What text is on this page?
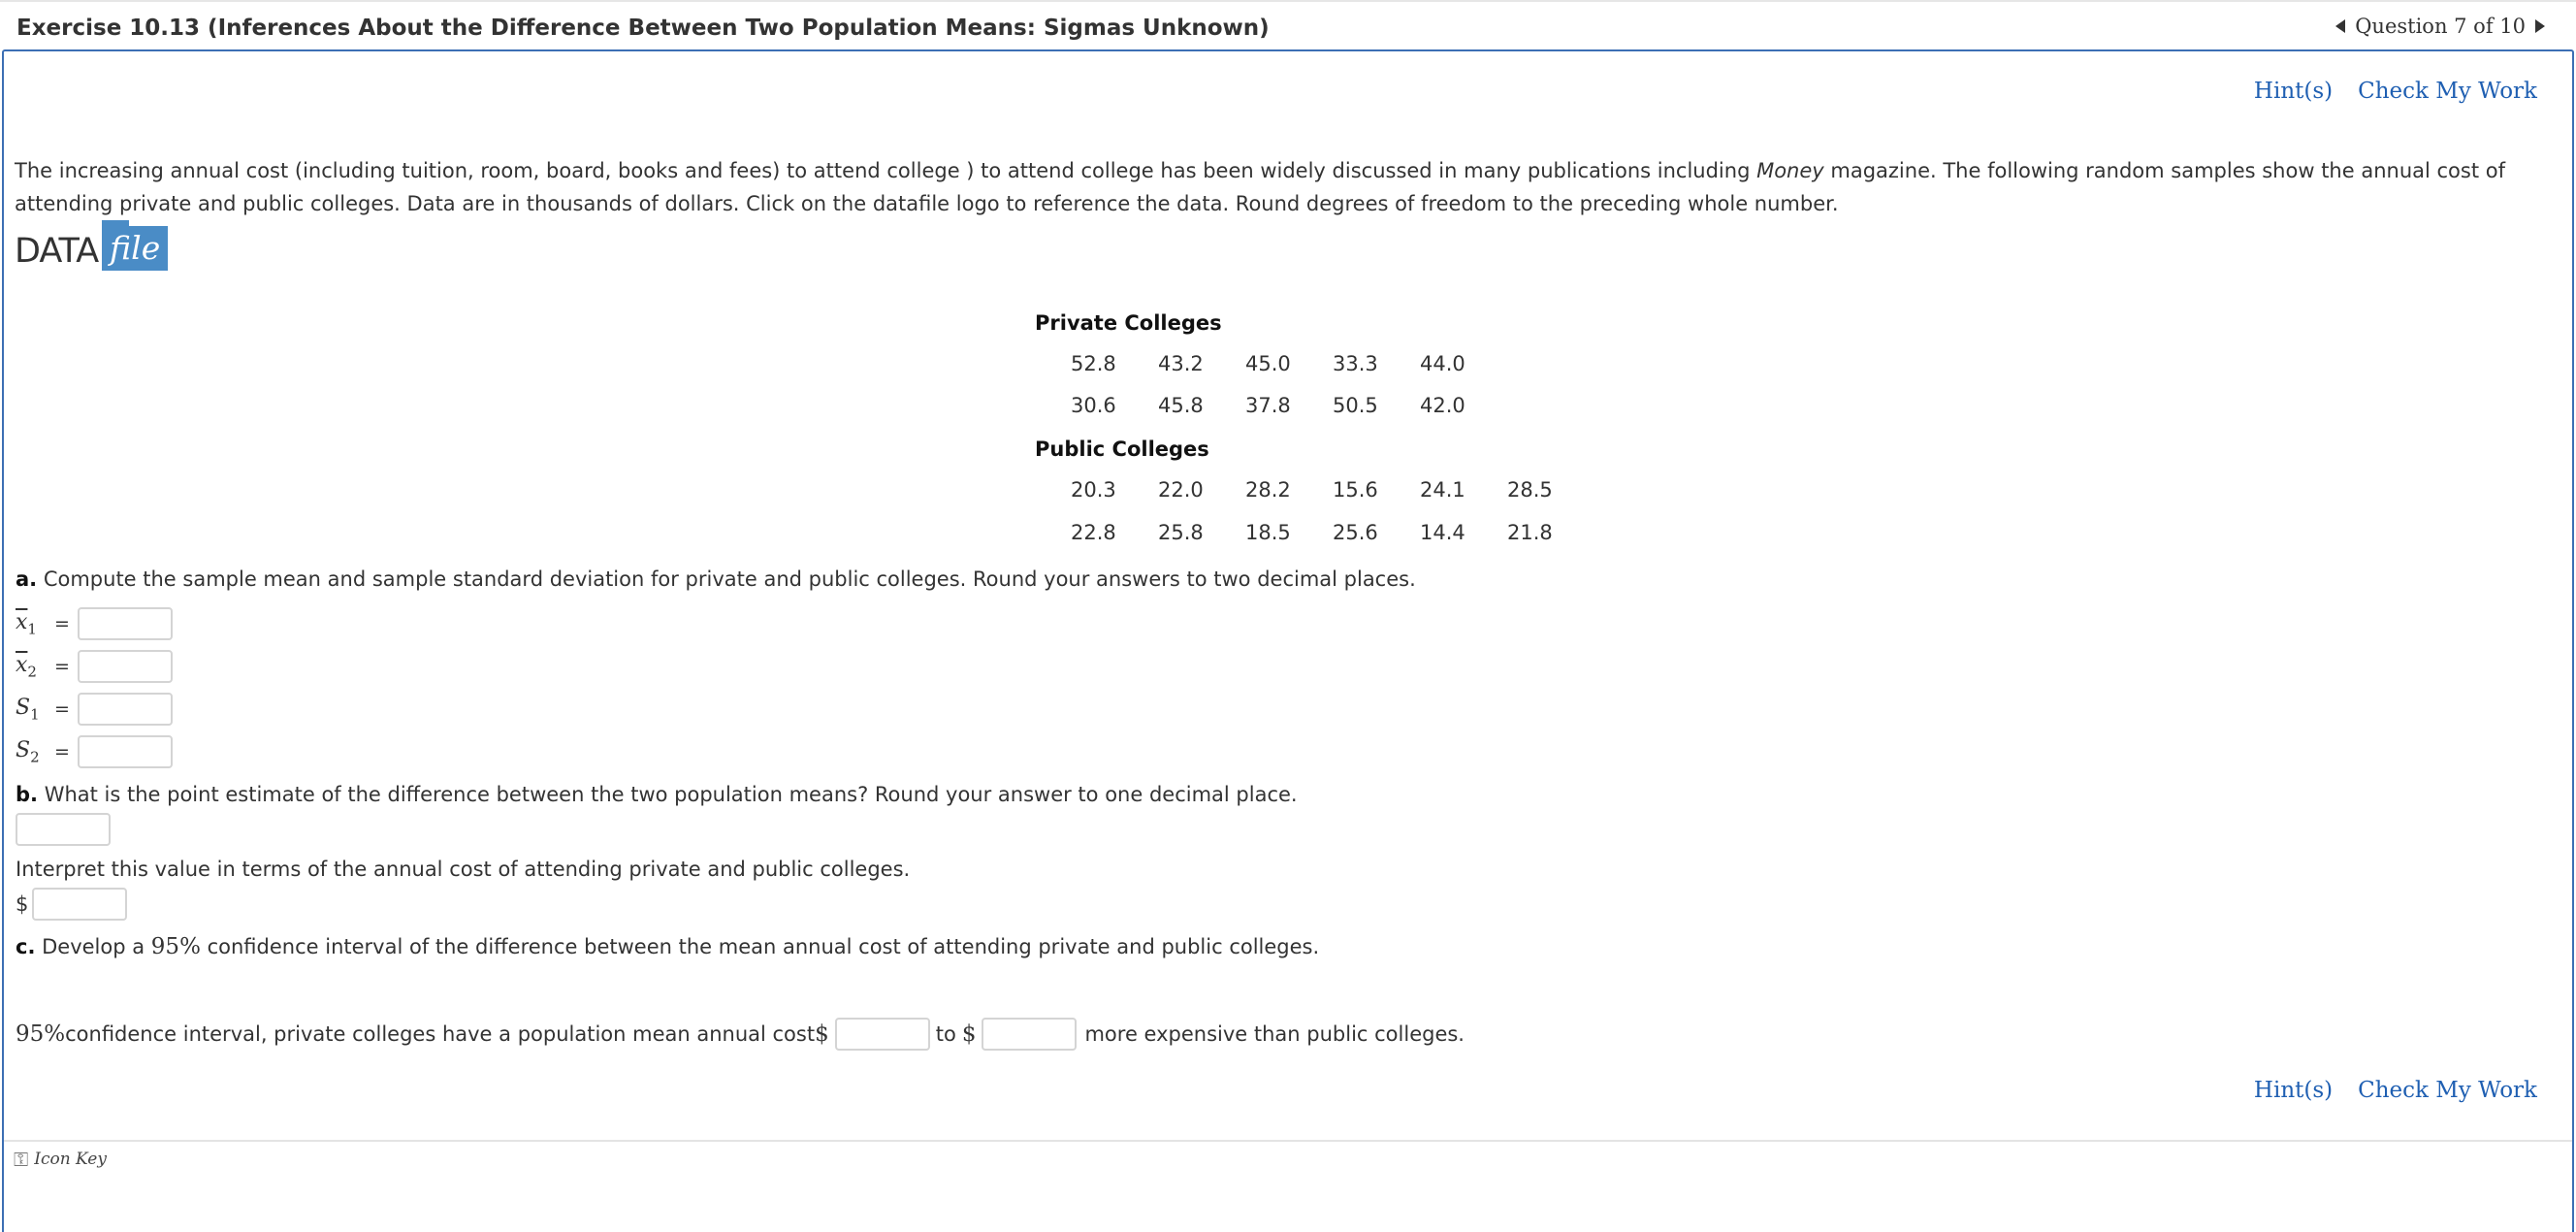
Exercise 10.13 (Inferences About the Difference Between Two Population Means: Sigmas Unknown)	Question 7 of 10
Hint(s) Check My Work
The increasing annual cost (including tuition, room, board, books and fees) to attend college ) to attend college has been widely discussed in many publications including Money magazine. The following random samples show the annual cost of attending private and public colleges. Data are in thousands of dollars. Click on the datafile logo to reference the data. Round degrees of freedom to the preceding whole number.
DATA file
Private Colleges
52.8	43.2	45.0	33.3	44.0
30.6	45.8	37.8	50.5	42.0
Public Colleges
20.3	22.0	28.2	15.6	24.1	28.5
22.8	25.8	18.5	25.6	14.4	21.8
a. Compute the sample mean and sample standard deviation for private and public colleges. Round your answers to two decimal places.
$\overline{x}_1$ =
$\overline{x}_2$ =
$S_1$ =
$S_2$ =
b. What is the point estimate of the difference between the two population means? Round your answer to one decimal place.
Interpret this value in terms of the annual cost of attending private and public colleges.
$
c. Develop a 95% confidence interval of the difference between the mean annual cost of attending private and public colleges.
95% confidence interval, private colleges have a population mean annual cost $	to $	more expensive than public colleges.
Hint(s) Check My Work
⚿ Icon Key
